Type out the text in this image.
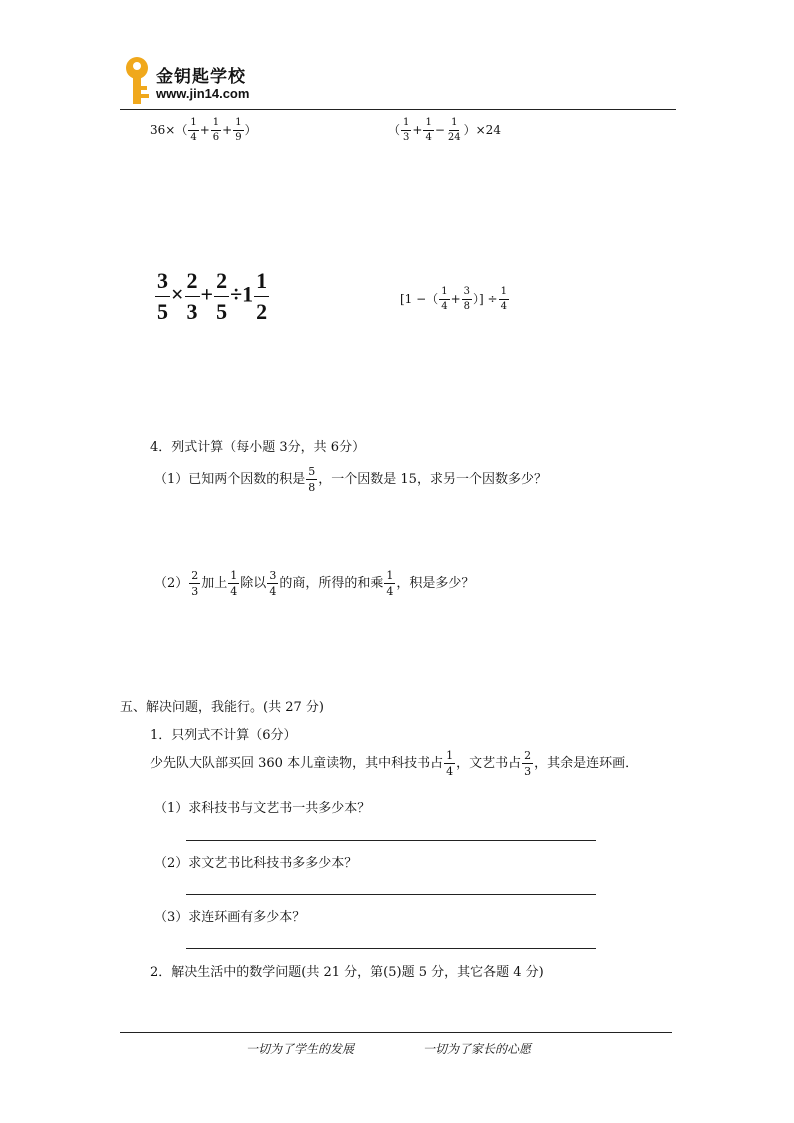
金钥匙学校
www.jin14.com
$36\times( \frac{1}{4} + \frac{1}{6} + \frac{1}{9}$ ）	（ $\frac{1}{3} + \frac{1}{4} - \frac{1}{24} )\times 24$
$\frac{3}{5} \times \frac{2}{3} + \frac{2}{5} \div 1 \frac{1}{2}$	[1 −（ $\frac{1}{4} + \frac{3}{8}$ ）] ÷ $\frac{1}{4}$
4．列式计算（每小题 3分，共 6分）
（1）已知两个因数的积是 $\frac{5}{8}$ ，一个因数是 15，求另一个因数多少？
$(2) \frac{2}{3}$ 加上 $\frac{1}{4}$ 除以 $\frac{3}{4}$ 的商，所得的和乘 $\frac{1}{4}$ ，积是多少？
五、解决问题，我能行。(共 27 分)
1．只列式不计算（6分）
少先队大队部买回 360 本儿童读物，其中科技书占 $\frac{1}{4}$ ，文艺书占 $\frac{2}{3}$ ，其余是连环画．
（1）求科技书与文艺书一共多少本？
（2）求文艺书比科技书多多少本？
（3）求连环画有多少本？
2．解决生活中的数学问题(共 21 分，第(5)题 5 分，其它各题 4 分)
一切为了学生的发展	一切为了家长的心愿
